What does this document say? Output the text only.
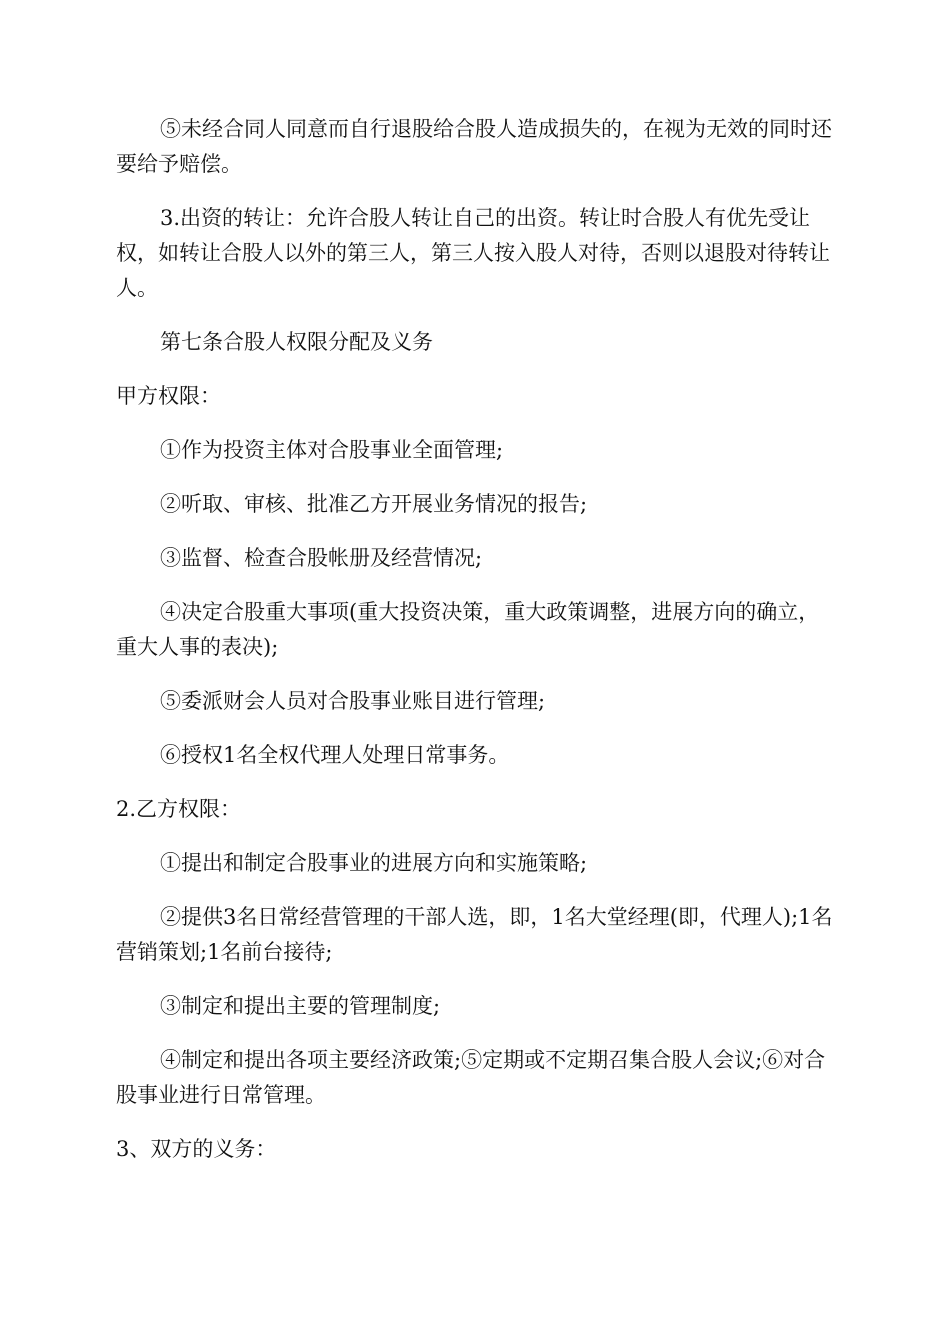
⑤未经合同人同意而自行退股给合股人造成损失的，在视为无效的同时还要给予赔偿。

3.出资的转让：允许合股人转让自己的出资。转让时合股人有优先受让权，如转让合股人以外的第三人，第三人按入股人对待，否则以退股对待转让人。

第七条合股人权限分配及义务

甲方权限：

①作为投资主体对合股事业全面管理;

②听取、审核、批准乙方开展业务情况的报告;

③监督、检查合股帐册及经营情况;

④决定合股重大事项(重大投资决策，重大政策调整，进展方向的确立，重大人事的表决);

⑤委派财会人员对合股事业账目进行管理;

⑥授权1名全权代理人处理日常事务。

2.乙方权限：

①提出和制定合股事业的进展方向和实施策略;

②提供3名日常经营管理的干部人选，即，1名大堂经理(即，代理人);1名营销策划;1名前台接待;

③制定和提出主要的管理制度;

④制定和提出各项主要经济政策;⑤定期或不定期召集合股人会议;⑥对合股事业进行日常管理。

3、双方的义务：
